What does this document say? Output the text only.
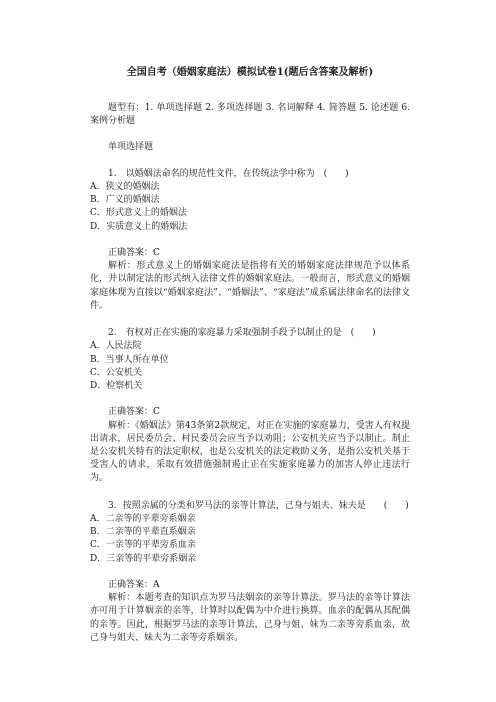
全国自考（婚姻家庭法）模拟试卷1(题后含答案及解析)

题型有：1. 单项选择题 2. 多项选择题 3. 名词解释 4. 简答题 5. 论述题 6. 案例分析题

单项选择题

1.　以婚姻法命名的规范性文件，在传统法学中称为　(　　)

A．狭义的婚姻法

B．广义的婚姻法

C．形式意义上的婚姻法

D．实质意义上的婚姻法

正确答案：C

解析：形式意义上的婚姻家庭法是指将有关的婚姻家庭法律规范予以体系化，并以制定法的形式纳入法律文件的婚姻家庭法。一般而言，形式意义的婚姻家庭体现为直接以“婚姻家庭法”、“婚姻法”、“家庭法”成系属法律命名的法律文件。

2.　有权对正在实施的家庭暴力采取强制手段予以制止的是　(　　)

A．人民法院

B．当事人所在单位

C．公安机关

D．检察机关

正确答案：C

解析：《婚姻法》第43条第2款规定，对正在实施的家庭暴力，受害人有权提出请求，居民委员会、村民委员会应当予以劝阻；公安机关应当予以制止。制止是公安机关特有的法定职权，也是公安机关的法定救助义务，是指公安机关基于受害人的请求，采取有效措施强制遏止正在实施家庭暴力的加害人停止违法行为。

3．按照亲属的分类和罗马法的亲等计算法，己身与姐夫、妹夫是　　(　　)

A．二亲等的平辈旁系姻亲

B．二亲等的平辈直系姻亲

C．一亲等的平辈旁系血亲

D．三亲等的平辈旁系姻亲

正确答案：A

解析：本题考查的知识点为罗马法姻亲的亲等计算法。罗马法的亲等计算法亦可用于计算姻亲的亲等，计算时以配偶为中介进行换算。血亲的配偶从其配偶的亲等。因此，根据罗马法的亲等计算法，己身与姐、妹为二亲等旁系血亲，故己身与姐夫、妹夫为二亲等旁系姻亲。
